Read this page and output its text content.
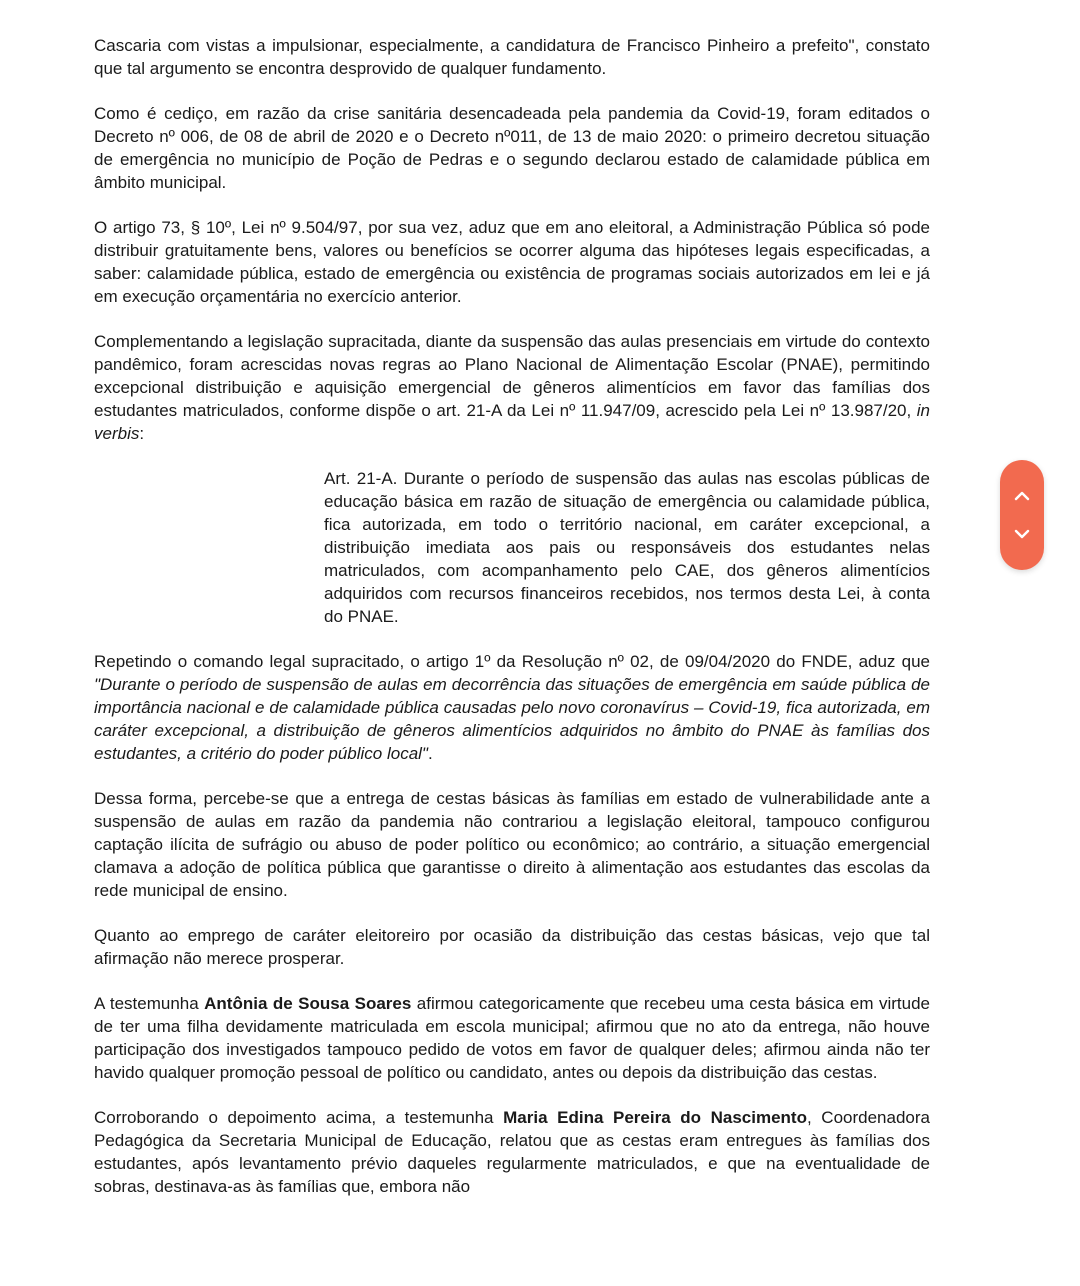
Cascaria com vistas a impulsionar, especialmente, a candidatura de Francisco Pinheiro a prefeito", constato que tal argumento se encontra desprovido de qualquer fundamento.

Como é cediço, em razão da crise sanitária desencadeada pela pandemia da Covid-19, foram editados o Decreto nº 006, de 08 de abril de 2020 e o Decreto nº011, de 13 de maio 2020: o primeiro decretou situação de emergência no município de Poção de Pedras e o segundo declarou estado de calamidade pública em âmbito municipal.

O artigo 73, § 10º, Lei nº 9.504/97, por sua vez, aduz que em ano eleitoral, a Administração Pública só pode distribuir gratuitamente bens, valores ou benefícios se ocorrer alguma das hipóteses legais especificadas, a saber: calamidade pública, estado de emergência ou existência de programas sociais autorizados em lei e já em execução orçamentária no exercício anterior.

Complementando a legislação supracitada, diante da suspensão das aulas presenciais em virtude do contexto pandêmico, foram acrescidas novas regras ao Plano Nacional de Alimentação Escolar (PNAE), permitindo excepcional distribuição e aquisição emergencial de gêneros alimentícios em favor das famílias dos estudantes matriculados, conforme dispõe o art. 21-A da Lei nº 11.947/09, acrescido pela Lei nº 13.987/20, in verbis:

Art. 21-A. Durante o período de suspensão das aulas nas escolas públicas de educação básica em razão de situação de emergência ou calamidade pública, fica autorizada, em todo o território nacional, em caráter excepcional, a distribuição imediata aos pais ou responsáveis dos estudantes nelas matriculados, com acompanhamento pelo CAE, dos gêneros alimentícios adquiridos com recursos financeiros recebidos, nos termos desta Lei, à conta do PNAE.

Repetindo o comando legal supracitado, o artigo 1º da Resolução nº 02, de 09/04/2020 do FNDE, aduz que "Durante o período de suspensão de aulas em decorrência das situações de emergência em saúde pública de importância nacional e de calamidade pública causadas pelo novo coronavírus – Covid-19, fica autorizada, em caráter excepcional, a distribuição de gêneros alimentícios adquiridos no âmbito do PNAE às famílias dos estudantes, a critério do poder público local".

Dessa forma, percebe-se que a entrega de cestas básicas às famílias em estado de vulnerabilidade ante a suspensão de aulas em razão da pandemia não contrariou a legislação eleitoral, tampouco configurou captação ilícita de sufrágio ou abuso de poder político ou econômico; ao contrário, a situação emergencial clamava a adoção de política pública que garantisse o direito à alimentação aos estudantes das escolas da rede municipal de ensino.

Quanto ao emprego de caráter eleitoreiro por ocasião da distribuição das cestas básicas, vejo que tal afirmação não merece prosperar.

A testemunha Antônia de Sousa Soares afirmou categoricamente que recebeu uma cesta básica em virtude de ter uma filha devidamente matriculada em escola municipal; afirmou que no ato da entrega, não houve participação dos investigados tampouco pedido de votos em favor de qualquer deles; afirmou ainda não ter havido qualquer promoção pessoal de político ou candidato, antes ou depois da distribuição das cestas.

Corroborando o depoimento acima, a testemunha Maria Edina Pereira do Nascimento, Coordenadora Pedagógica da Secretaria Municipal de Educação, relatou que as cestas eram entregues às famílias dos estudantes, após levantamento prévio daqueles regularmente matriculados, e que na eventualidade de sobras, destinava-as às famílias que, embora não
